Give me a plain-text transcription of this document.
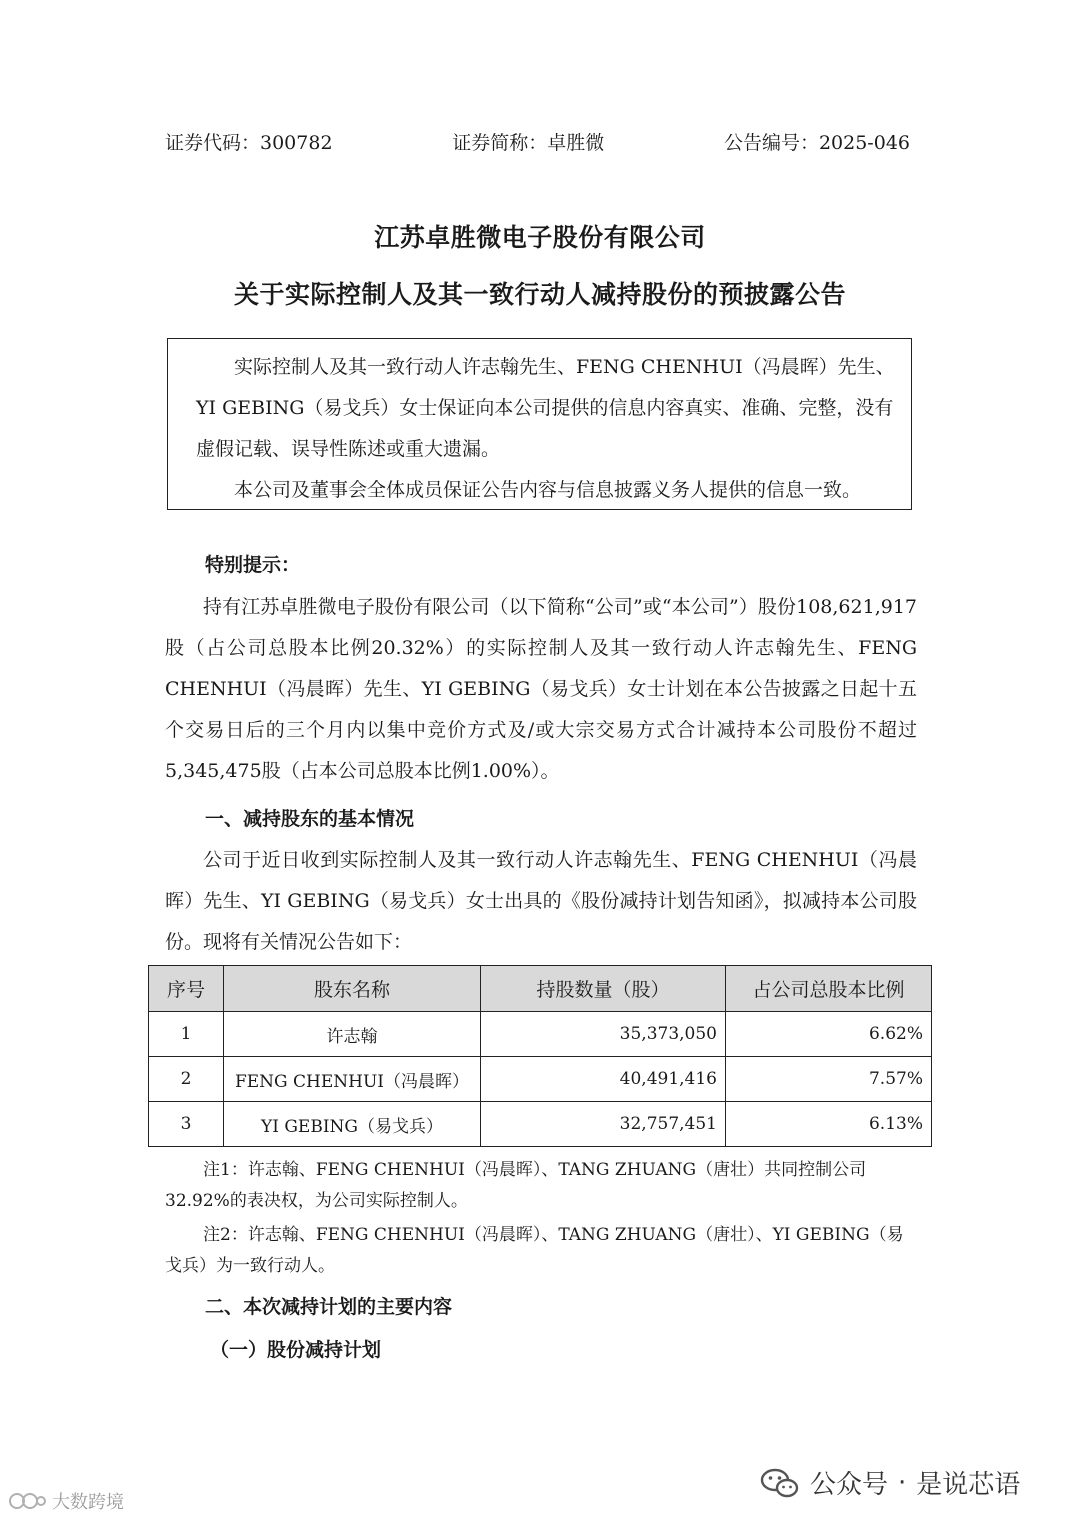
证券代码：300782	证券简称：卓胜微	公告编号：2025-046
江苏卓胜微电子股份有限公司
关于实际控制人及其一致行动人减持股份的预披露公告

实际控制人及其一致行动人许志翰先生、FENG CHENHUI（冯晨晖）先生、YI GEBING（易戈兵）女士保证向本公司提供的信息内容真实、准确、完整，没有虚假记载、误导性陈述或重大遗漏。

本公司及董事会全体成员保证公告内容与信息披露义务人提供的信息一致。

特别提示：
持有江苏卓胜微电子股份有限公司（以下简称“公司”或“本公司”）股份108,621,917股（占公司总股本比例20.32%）的实际控制人及其一致行动人许志翰先生、FENG CHENHUI（冯晨晖）先生、YI GEBING（易戈兵）女士计划在本公告披露之日起十五个交易日后的三个月内以集中竞价方式及/或大宗交易方式合计减持本公司股份不超过5,345,475股（占本公司总股本比例1.00%）。
一、减持股东的基本情况
公司于近日收到实际控制人及其一致行动人许志翰先生、FENG CHENHUI（冯晨晖）先生、YI GEBING（易戈兵）女士出具的《股份减持计划告知函》，拟减持本公司股份。现将有关情况公告如下：
序号	股东名称	持股数量（股）	占公司总股本比例
1	许志翰	35,373,050	6.62%
2	FENG CHENHUI（冯晨晖）	40,491,416	7.57%
3	YI GEBING（易戈兵）	32,757,451	6.13%
注1：许志翰、FENG CHENHUI（冯晨晖）、TANG ZHUANG（唐壮）共同控制公司32.92%的表决权，为公司实际控制人。
注2：许志翰、FENG CHENHUI（冯晨晖）、TANG ZHUANG（唐壮）、YI GEBING（易戈兵）为一致行动人。
二、本次减持计划的主要内容
（一）股份减持计划
大数跨境
公众号 · 是说芯语
